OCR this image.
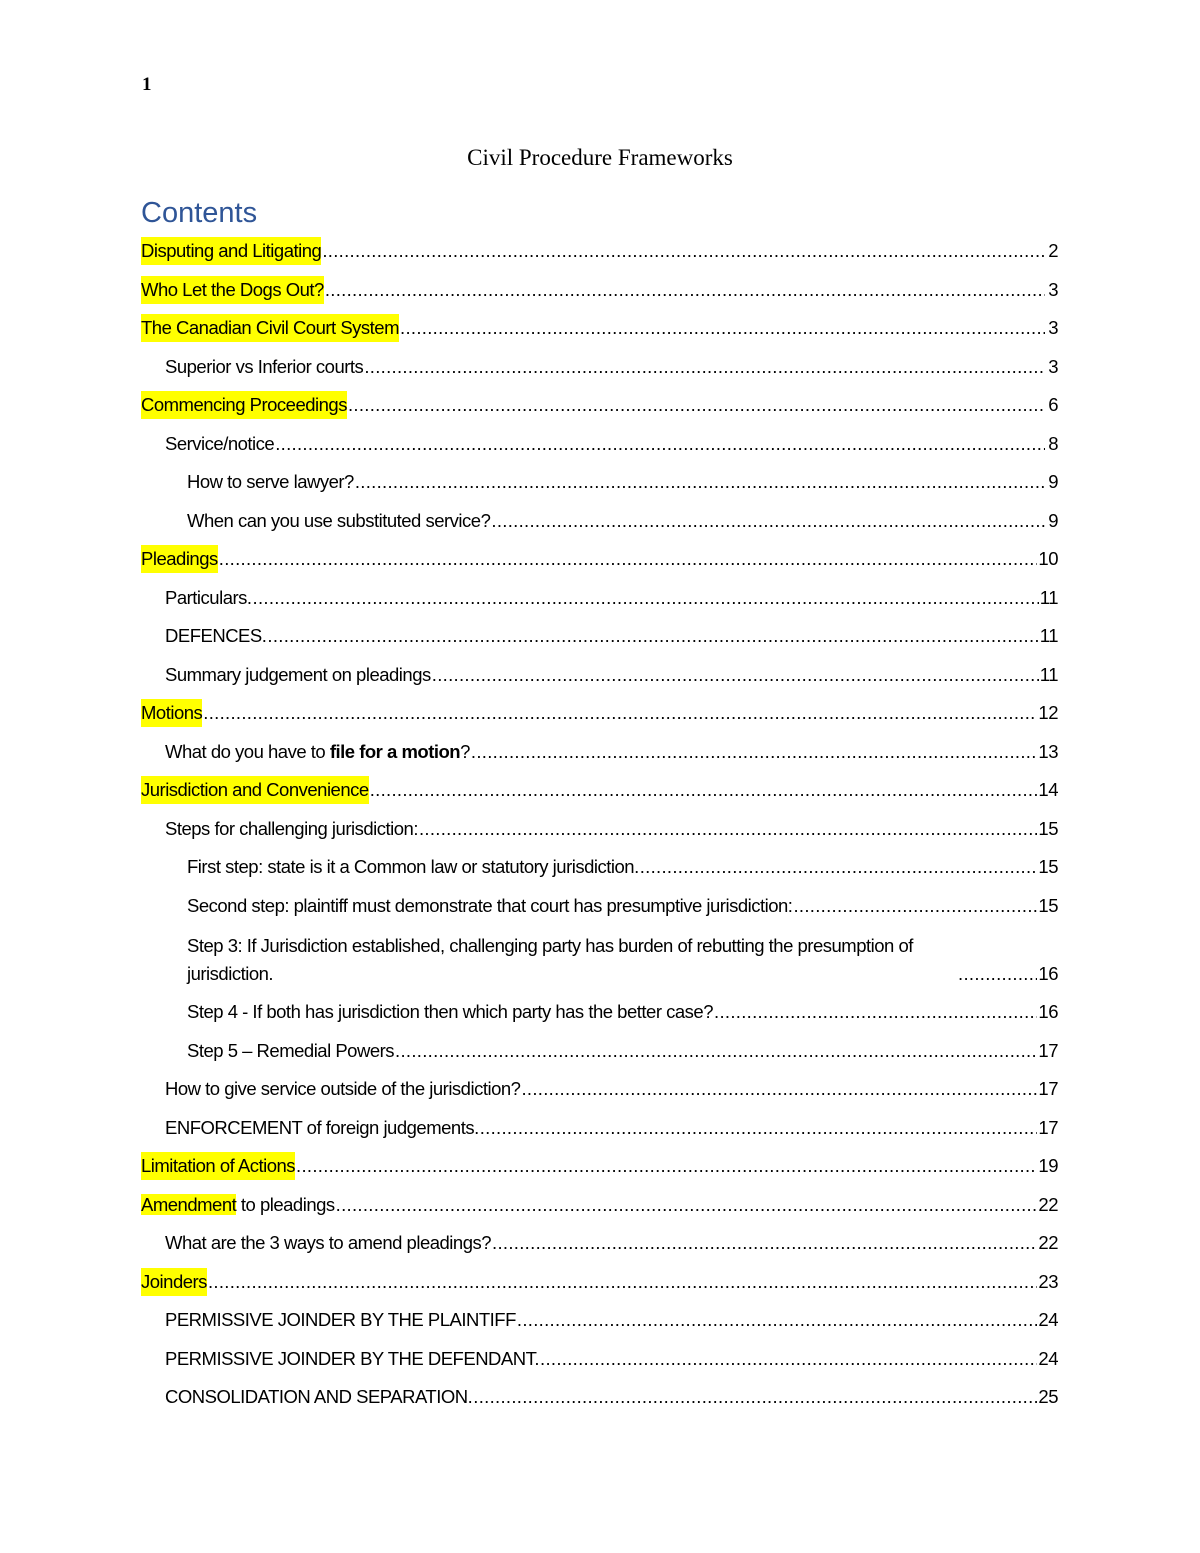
1
Civil Procedure Frameworks
Contents
Disputing and Litigating .....	2
Who Let the Dogs Out? .....	3
The Canadian Civil Court System .....	3
Superior vs Inferior courts .....	3
Commencing Proceedings .....	6
Service/notice .....	8
How to serve lawyer? .....	9
When can you use substituted service? .....	9
Pleadings .....	10
Particulars. .....	11
DEFENCES. .....	11
Summary judgement on pleadings .....	11
Motions .....	12
What do you have to file for a motion? .....	13
Jurisdiction and Convenience .....	14
Steps for challenging jurisdiction: .....	15
First step: state is it a Common law or statutory jurisdiction. .....	15
Second step: plaintiff must demonstrate that court has presumptive jurisdiction: .....	15
Step 3: If Jurisdiction established, challenging party has burden of rebutting the presumption of jurisdiction. .....	16
Step 4 - If both has jurisdiction then which party has the better case? .....	16
Step 5 – Remedial Powers .....	17
How to give service outside of the jurisdiction? .....	17
ENFORCEMENT of foreign judgements. .....	17
Limitation of Actions .....	19
Amendment to pleadings .....	22
What are the 3 ways to amend pleadings? .....	22
Joinders .....	23
PERMISSIVE JOINDER BY THE PLAINTIFF .....	24
PERMISSIVE JOINDER BY THE DEFENDANT. .....	24
CONSOLIDATION AND SEPARATION. .....	25
